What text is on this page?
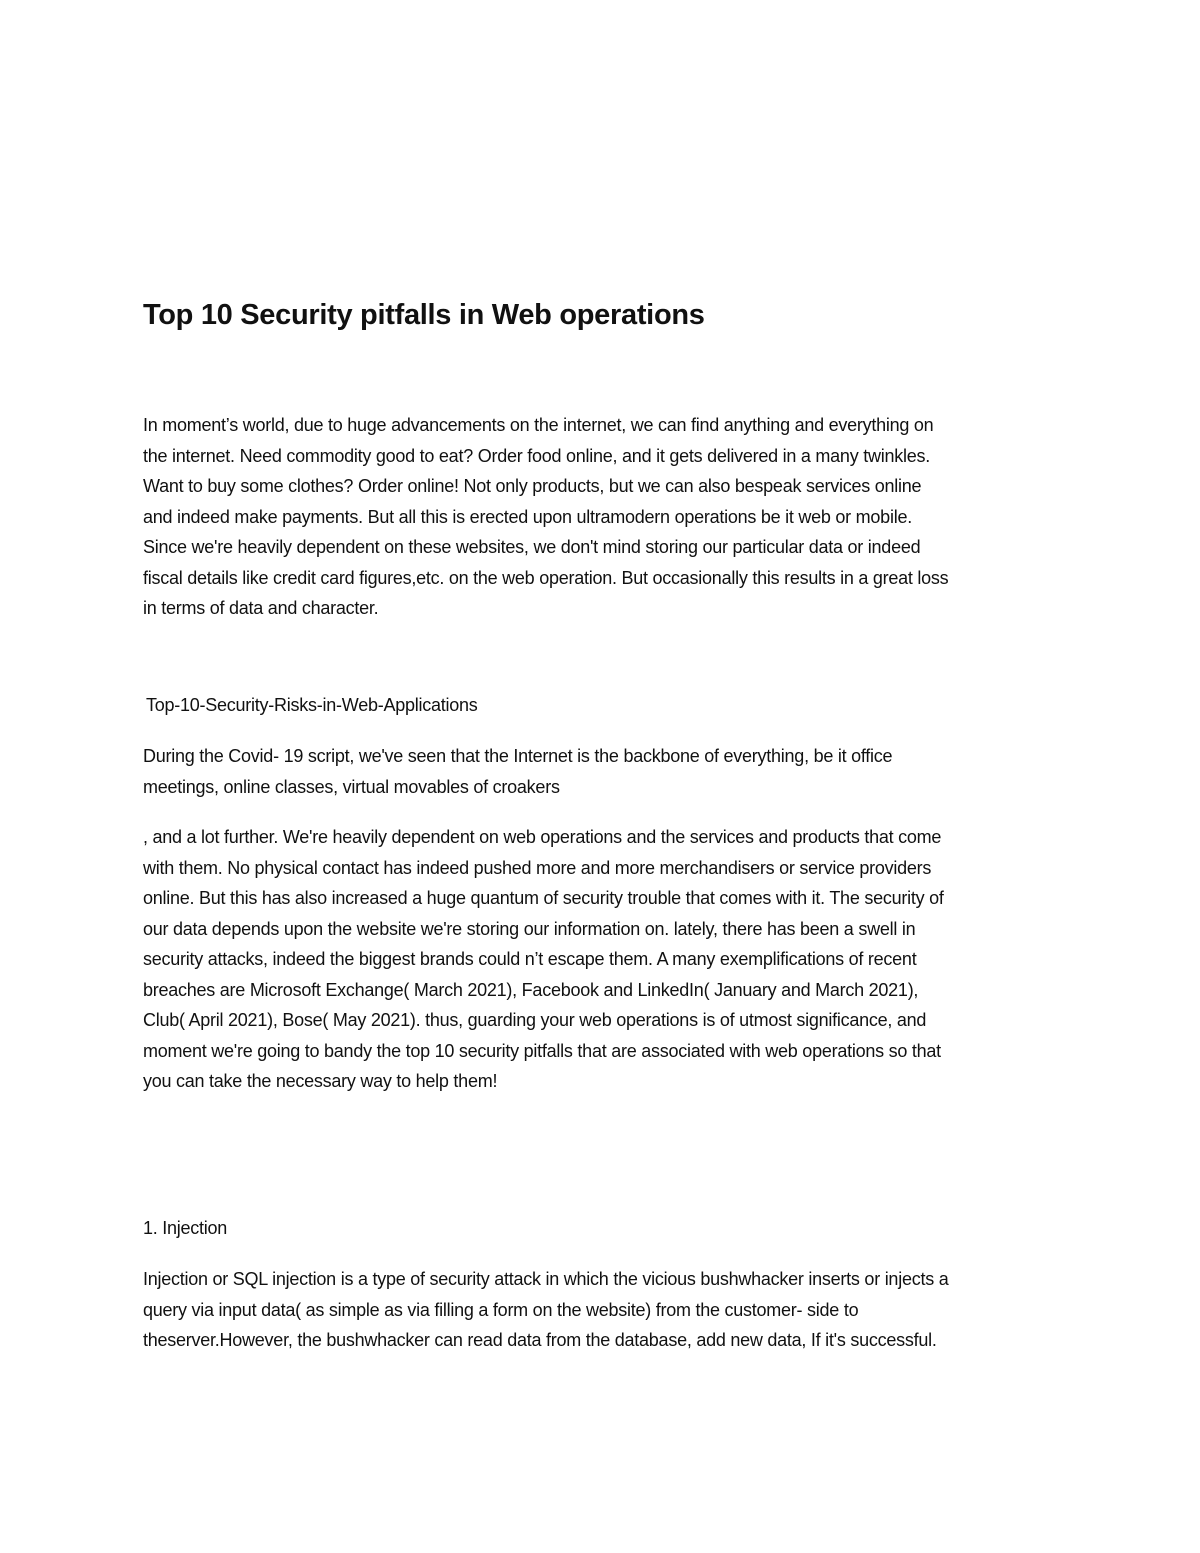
Top 10 Security pitfalls in Web operations

In moment’s world, due to huge advancements on the internet, we can find anything and everything on
the internet. Need commodity good to eat? Order food online, and it gets delivered in a many twinkles.
Want to buy some clothes? Order online! Not only products, but we can also bespeak services online
and indeed make payments. But all this is erected upon ultramodern operations be it web or mobile.
Since we're heavily dependent on these websites, we don't mind storing our particular data or indeed
fiscal details like credit card figures,etc. on the web operation. But occasionally this results in a great loss
in terms of data and character.

Top-10-Security-Risks-in-Web-Applications

During the Covid- 19 script, we've seen that the Internet is the backbone of everything, be it office
meetings, online classes, virtual movables of croakers

, and a lot further. We're heavily dependent on web operations and the services and products that come
with them. No physical contact has indeed pushed more and more merchandisers or service providers
online. But this has also increased a huge quantum of security trouble that comes with it. The security of
our data depends upon the website we're storing our information on. lately, there has been a swell in
security attacks, indeed the biggest brands could n’t escape them. A many exemplifications of recent
breaches are Microsoft Exchange( March 2021), Facebook and LinkedIn( January and March 2021),
Club( April 2021), Bose( May 2021). thus, guarding your web operations is of utmost significance, and
moment we're going to bandy the top 10 security pitfalls that are associated with web operations so that
you can take the necessary way to help them!

1. Injection

Injection or SQL injection is a type of security attack in which the vicious bushwhacker inserts or injects a
query via input data( as simple as via filling a form on the website) from the customer- side to
theserver.However, the bushwhacker can read data from the database, add new data, If it's successful.
